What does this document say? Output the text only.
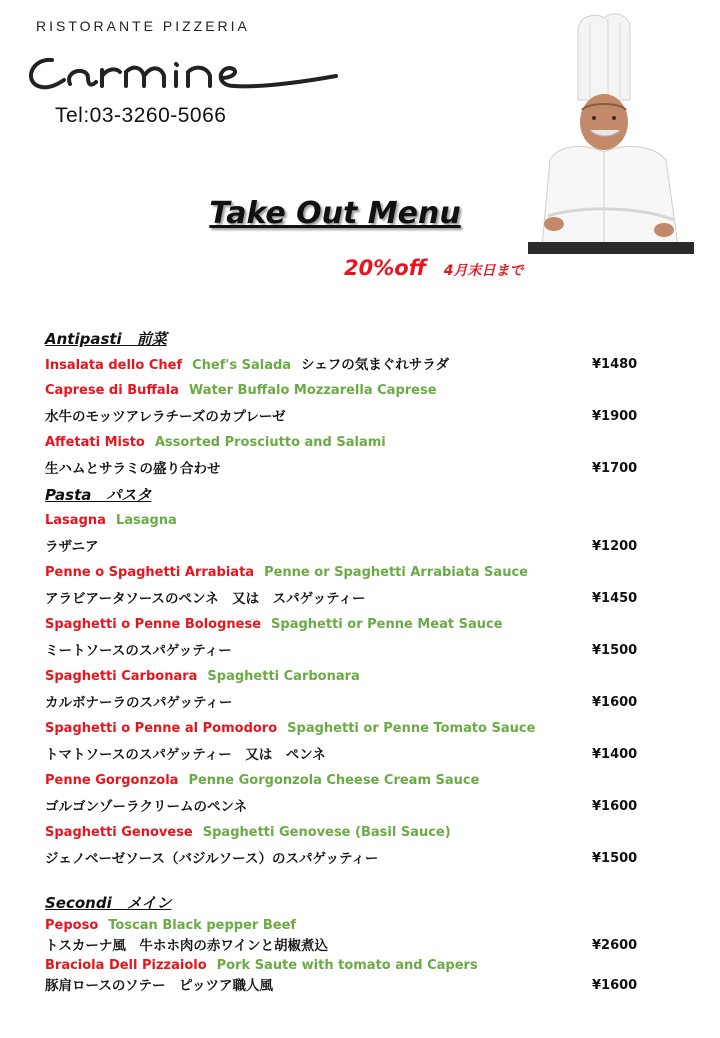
RISTORANTE PIZZERIA
Tel:03-3260-5066
Take Out Menu
20%off 4月末日まで
Antipasti　前菜
Insalata dello Chef Chef's Salada シェフの気まぐれサラダ	¥1480
Caprese di Buffala Water Buffalo Mozzarella Caprese
水牛のモッツアレラチーズのカプレーゼ	¥1900
Affetati Misto Assorted Prosciutto and Salami
生ハムとサラミの盛り合わせ	¥1700
Pasta　パスタ
Lasagna Lasagna
ラザニア	¥1200
Penne o Spaghetti Arrabiata Penne or Spaghetti Arrabiata Sauce
アラビアータソースのペンネ　又は　スパゲッティー	¥1450
Spaghetti o Penne Bolognese Spaghetti or Penne Meat Sauce
ミートソースのスパゲッティー	¥1500
Spaghetti Carbonara Spaghetti Carbonara
カルボナーラのスパゲッティー	¥1600
Spaghetti o Penne al Pomodoro Spaghetti or Penne Tomato Sauce
トマトソースのスパゲッティー　又は　ペンネ	¥1400
Penne Gorgonzola Penne Gorgonzola Cheese Cream Sauce
ゴルゴンゾーラクリームのペンネ	¥1600
Spaghetti Genovese Spaghetti Genovese (Basil Sauce)
ジェノベーゼソース（バジルソース）のスパゲッティー	¥1500
Secondi　メイン
Peposo Toscan Black pepper Beef
トスカーナ風　牛ホホ肉の赤ワインと胡椒煮込	¥2600
Braciola Dell Pizzaiolo Pork Saute with tomato and Capers
豚肩ロースのソテー　ピッツア職人風	¥1600
